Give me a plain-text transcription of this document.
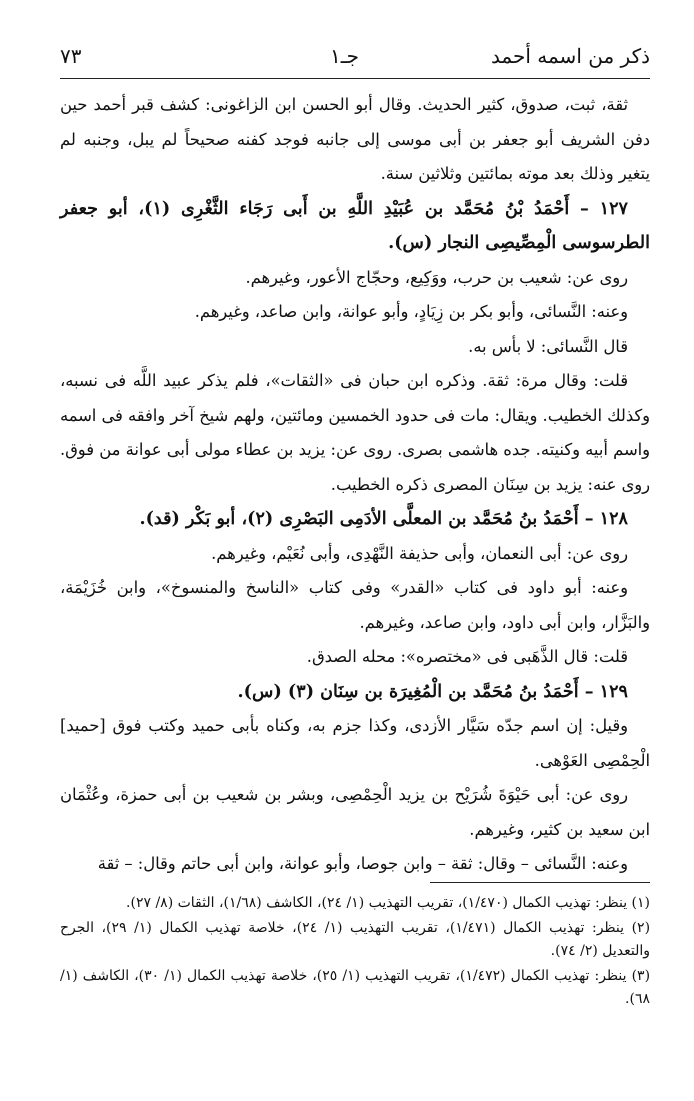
ذكر من اسمه أحمد
جـ١
٧٣

ثقة، ثبت، صدوق، كثير الحديث. وقال أبو الحسن ابن الزاغونى: كشف قبر أحمد حين دفن الشريف أبو جعفر بن أبى موسى إلى جانبه فوجد كفنه صحيحاً لم يبل، وجنبه لم يتغير وذلك بعد موته بمائتين وثلاثين سنة.

١٢٧ – أَحْمَدُ بْنُ مُحَمَّد بن عُبَيْدِ اللَّهِ بن أَبى رَجَاء الثَّغْرِى (١)، أبو جعفر الطرسوسى الْمِصِّيصِى النجار (س).

روى عن: شعيب بن حرب، ووَكِيع، وحجّاج الأعور، وغيرهم.

وعنه: النَّسائى، وأبو بكر بن زِيَادٍ، وأبو عوانة، وابن صاعد، وغيرهم.

قال النَّسائى: لا بأس به.

قلت: وقال مرة: ثقة. وذكره ابن حبان فى «الثقات»، فلم يذكر عبيد اللَّه فى نسبه، وكذلك الخطيب. ويقال: مات فى حدود الخمسين ومائتين، ولهم شيخ آخر وافقه فى اسمه واسم أبيه وكنيته. جده هاشمى بصرى. روى عن: يزيد بن عطاء مولى أبى عوانة من فوق. روى عنه: يزيد بن سِنَان المصرى ذكره الخطيب.

١٢٨ – أَحْمَدُ بنُ مُحَمَّد بن المعلَّى الأدَمِى البَصْرِى (٢)، أبو بَكْر (قد).

روى عن: أبى النعمان، وأبى حذيفة النَّهْدِى، وأبى نُعَيْم، وغيرهم.

وعنه: أبو داود فى كتاب «القدر» وفى كتاب «الناسخ والمنسوخ»، وابن خُزَيْمَة، والبَزَّار، وابن أبى داود، وابن صاعد، وغيرهم.

قلت: قال الذَّهَبى فى «مختصره»: محله الصدق.

١٢٩ – أَحْمَدُ بنُ مُحَمَّد بن الْمُغِيرَة بن سِنَان (٣) (س).

وقيل: إن اسم جدّه سَيَّار الأزدى، وكذا جزم به، وكناه بأبى حميد وكتب فوق [حميد] الْحِمْصِى العَوْهى.

روى عن: أبى حَيْوَةَ شُرَيْح بن يزيد الْحِمْصِى، وبشر بن شعيب بن أبى حمزة، وعُثْمَان ابن سعيد بن كثير، وغيرهم.

وعنه: النَّسائى – وقال: ثقة – وابن جوصا، وأبو عوانة، وابن أبى حاتم وقال: – ثقة

(١) ينظر: تهذيب الكمال (١/٤٧٠)، تقريب التهذيب (١/ ٢٤)، الكاشف (١/٦٨)، الثقات (٨/ ٢٧).

(٢) ينظر: تهذيب الكمال (١/٤٧١)، تقريب التهذيب (١/ ٢٤)، خلاصة تهذيب الكمال (١/ ٢٩)، الجرح والتعديل (٢/ ٧٤).

(٣) ينظر: تهذيب الكمال (١/٤٧٢)، تقريب التهذيب (١/ ٢٥)، خلاصة تهذيب الكمال (١/ ٣٠)، الكاشف (١/ ٦٨).
